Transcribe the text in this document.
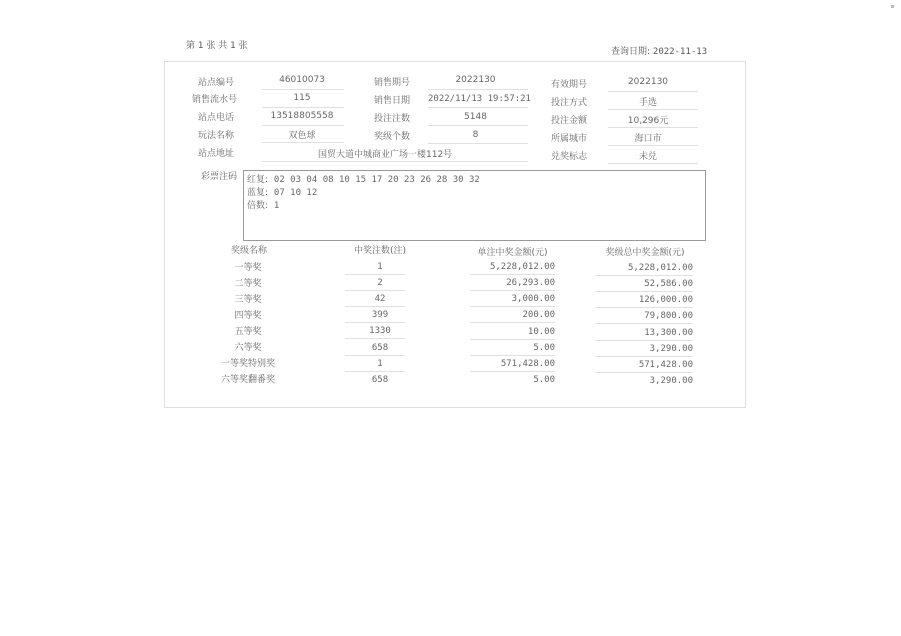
第 1 张 共 1 张
查询日期: 2022-11-13
站点编号	46010073	销售期号	2022130	有效期号	2022130
销售流水号	115	销售日期 2022/11/13 19:57:21 投注方式	手选
站点电话	13518805558	投注注数	5148	投注金额	10,296元
玩法名称	双色球	奖级个数	8	所属城市	海口市
站点地址	国贸大道中城商业广场一楼112号	兑奖标志	未兑
彩票注码 红复: 02 03 04 08 10 15 17 20 23 26 28 30 32
蓝复: 07 10 12
倍数: 1
奖级名称	中奖注数(注)	单注中奖金额(元)	奖级总中奖金额(元)
一等奖	1	5,228,012.00	5,228,012.00
二等奖	2	26,293.00	52,586.00
三等奖	42	3,000.00	126,000.00
四等奖	399	200.00	79,800.00
五等奖	1330	10.00	13,300.00
六等奖	658	5.00	3,290.00
一等奖特别奖	1	571,428.00	571,428.00
六等奖翻番奖	658	5.00	3,290.00
